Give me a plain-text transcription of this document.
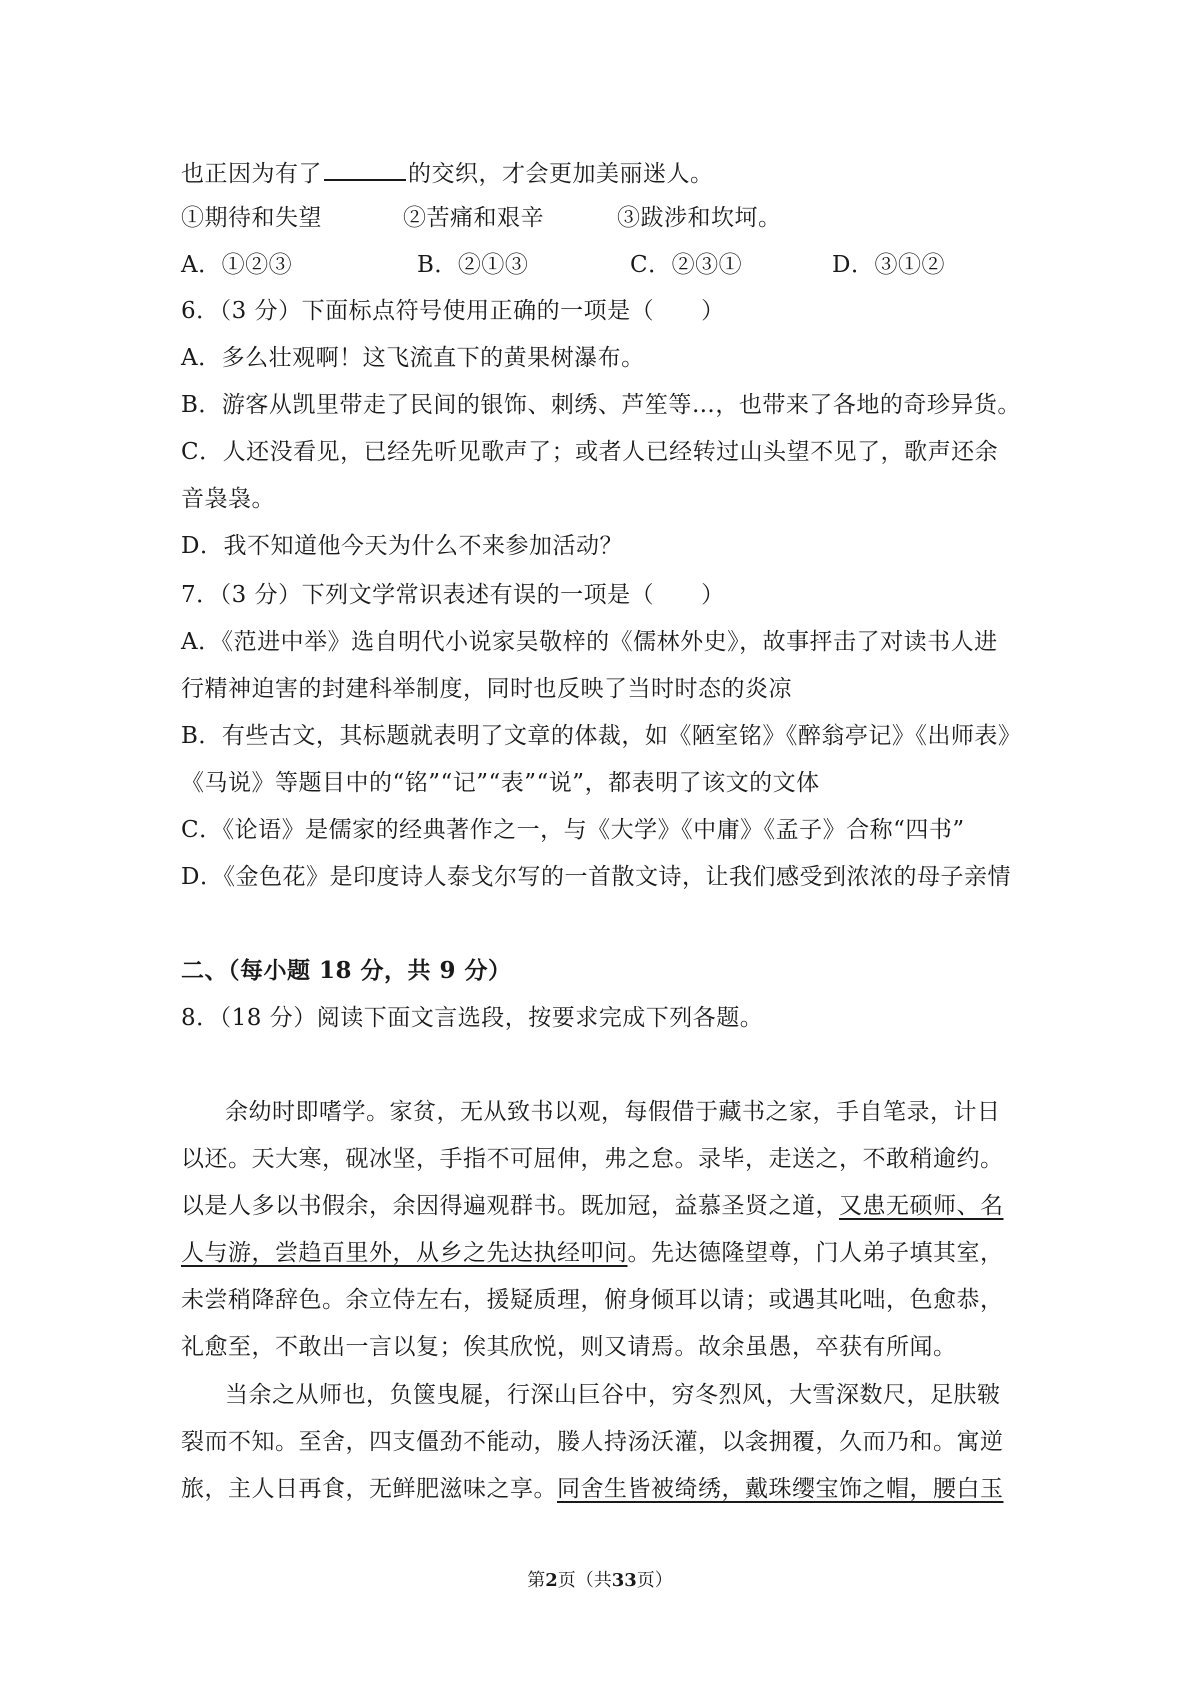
也正因为有了	的交织，才会更加美丽迷人。
①期待和失望	②苦痛和艰辛	③跋涉和坎坷。
A．①②③	B．②①③	C．②③①	D．③①②
6．（3 分）下面标点符号使用正确的一项是（　　）
A．多么壮观啊！这飞流直下的黄果树瀑布。
B．游客从凯里带走了民间的银饰、刺绣、芦笙等…，也带来了各地的奇珍异货。
C．人还没看见，已经先听见歌声了；或者人已经转过山头望不见了，歌声还余
音袅袅。
D．我不知道他今天为什么不来参加活动？
7．（3 分）下列文学常识表述有误的一项是（　　）
A．《范进中举》选自明代小说家吴敬梓的《儒林外史》，故事抨击了对读书人进
行精神迫害的封建科举制度，同时也反映了当时时态的炎凉
B．有些古文，其标题就表明了文章的体裁，如《陋室铭》《醉翁亭记》《出师表》
《马说》等题目中的“铭”“记”“表”“说”，都表明了该文的文体
C．《论语》是儒家的经典著作之一，与《大学》《中庸》《孟子》合称“四书”
D．《金色花》是印度诗人泰戈尔写的一首散文诗，让我们感受到浓浓的母子亲情
二、（每小题 18 分，共 9 分）
8．（18 分）阅读下面文言选段，按要求完成下列各题。
余幼时即嗜学。家贫，无从致书以观，每假借于藏书之家，手自笔录，计日
以还。天大寒，砚冰坚，手指不可屈伸，弗之怠。录毕，走送之，不敢稍逾约。
以是人多以书假余，余因得遍观群书。既加冠，益慕圣贤之道，又患无硕师、名
人与游，尝趋百里外，从乡之先达执经叩问。先达德隆望尊，门人弟子填其室，
未尝稍降辞色。余立侍左右，援疑质理，俯身倾耳以请；或遇其叱咄，色愈恭，
礼愈至，不敢出一言以复；俟其欣悦，则又请焉。故余虽愚，卒获有所闻。
当余之从师也，负箧曳屣，行深山巨谷中，穷冬烈风，大雪深数尺，足肤皲
裂而不知。至舍，四支僵劲不能动，媵人持汤沃灌，以衾拥覆，久而乃和。寓逆
旅，主人日再食，无鲜肥滋味之享。同舍生皆被绮绣，戴珠缨宝饰之帽，腰白玉
第2页（共33页）
